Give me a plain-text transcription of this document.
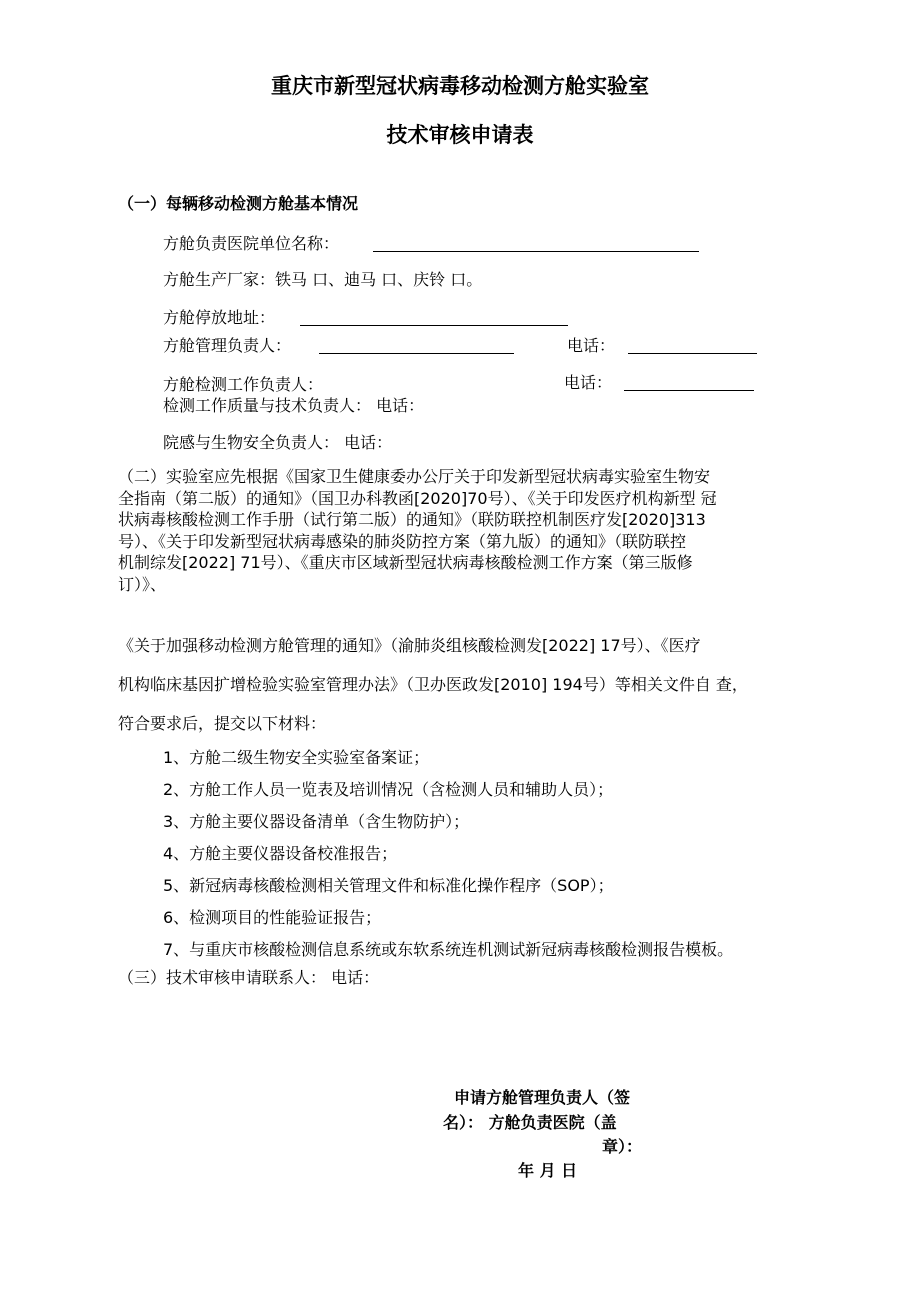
重庆市新型冠状病毒移动检测方舱实验室
技术审核申请表
（一）每辆移动检测方舱基本情况
方舱负责医院单位名称：
方舱生产厂家：铁马 口、迪马 口、庆铃 口。
方舱停放地址：
方舱管理负责人：	电话：
方舱检测工作负责人：	电话：
检测工作质量与技术负责人： 电话：
院感与生物安全负责人： 电话：
（二）实验室应先根据《国家卫生健康委办公厅关于印发新型冠状病毒实验室生物安
全指南（第二版）的通知》（国卫办科教函[2020]70号）、《关于印发医疗机构新型 冠
状病毒核酸检测工作手册（试行第二版）的通知》（联防联控机制医疗发[2020]313
号）、《关于印发新型冠状病毒感染的肺炎防控方案（第九版）的通知》（联防联控
机制综发[2022] 71号）、《重庆市区域新型冠状病毒核酸检测工作方案（第三版修
订）》、
《关于加强移动检测方舱管理的通知》（渝肺炎组核酸检测发[2022] 17号）、《医疗
机构临床基因扩增检验实验室管理办法》（卫办医政发[2010] 194号）等相关文件自 查，
符合要求后，提交以下材料：
1、方舱二级生物安全实验室备案证；
2、方舱工作人员一览表及培训情况（含检测人员和辅助人员）；
3、方舱主要仪器设备清单（含生物防护）；
4、方舱主要仪器设备校准报告；
5、新冠病毒核酸检测相关管理文件和标准化操作程序（SOP）；
6、检测项目的性能验证报告；
7、与重庆市核酸检测信息系统或东软系统连机测试新冠病毒核酸检测报告模板。
（三）技术审核申请联系人： 电话：
申请方舱管理负责人（签
名）： 方舱负责医院（盖
章）：
年 月 日
